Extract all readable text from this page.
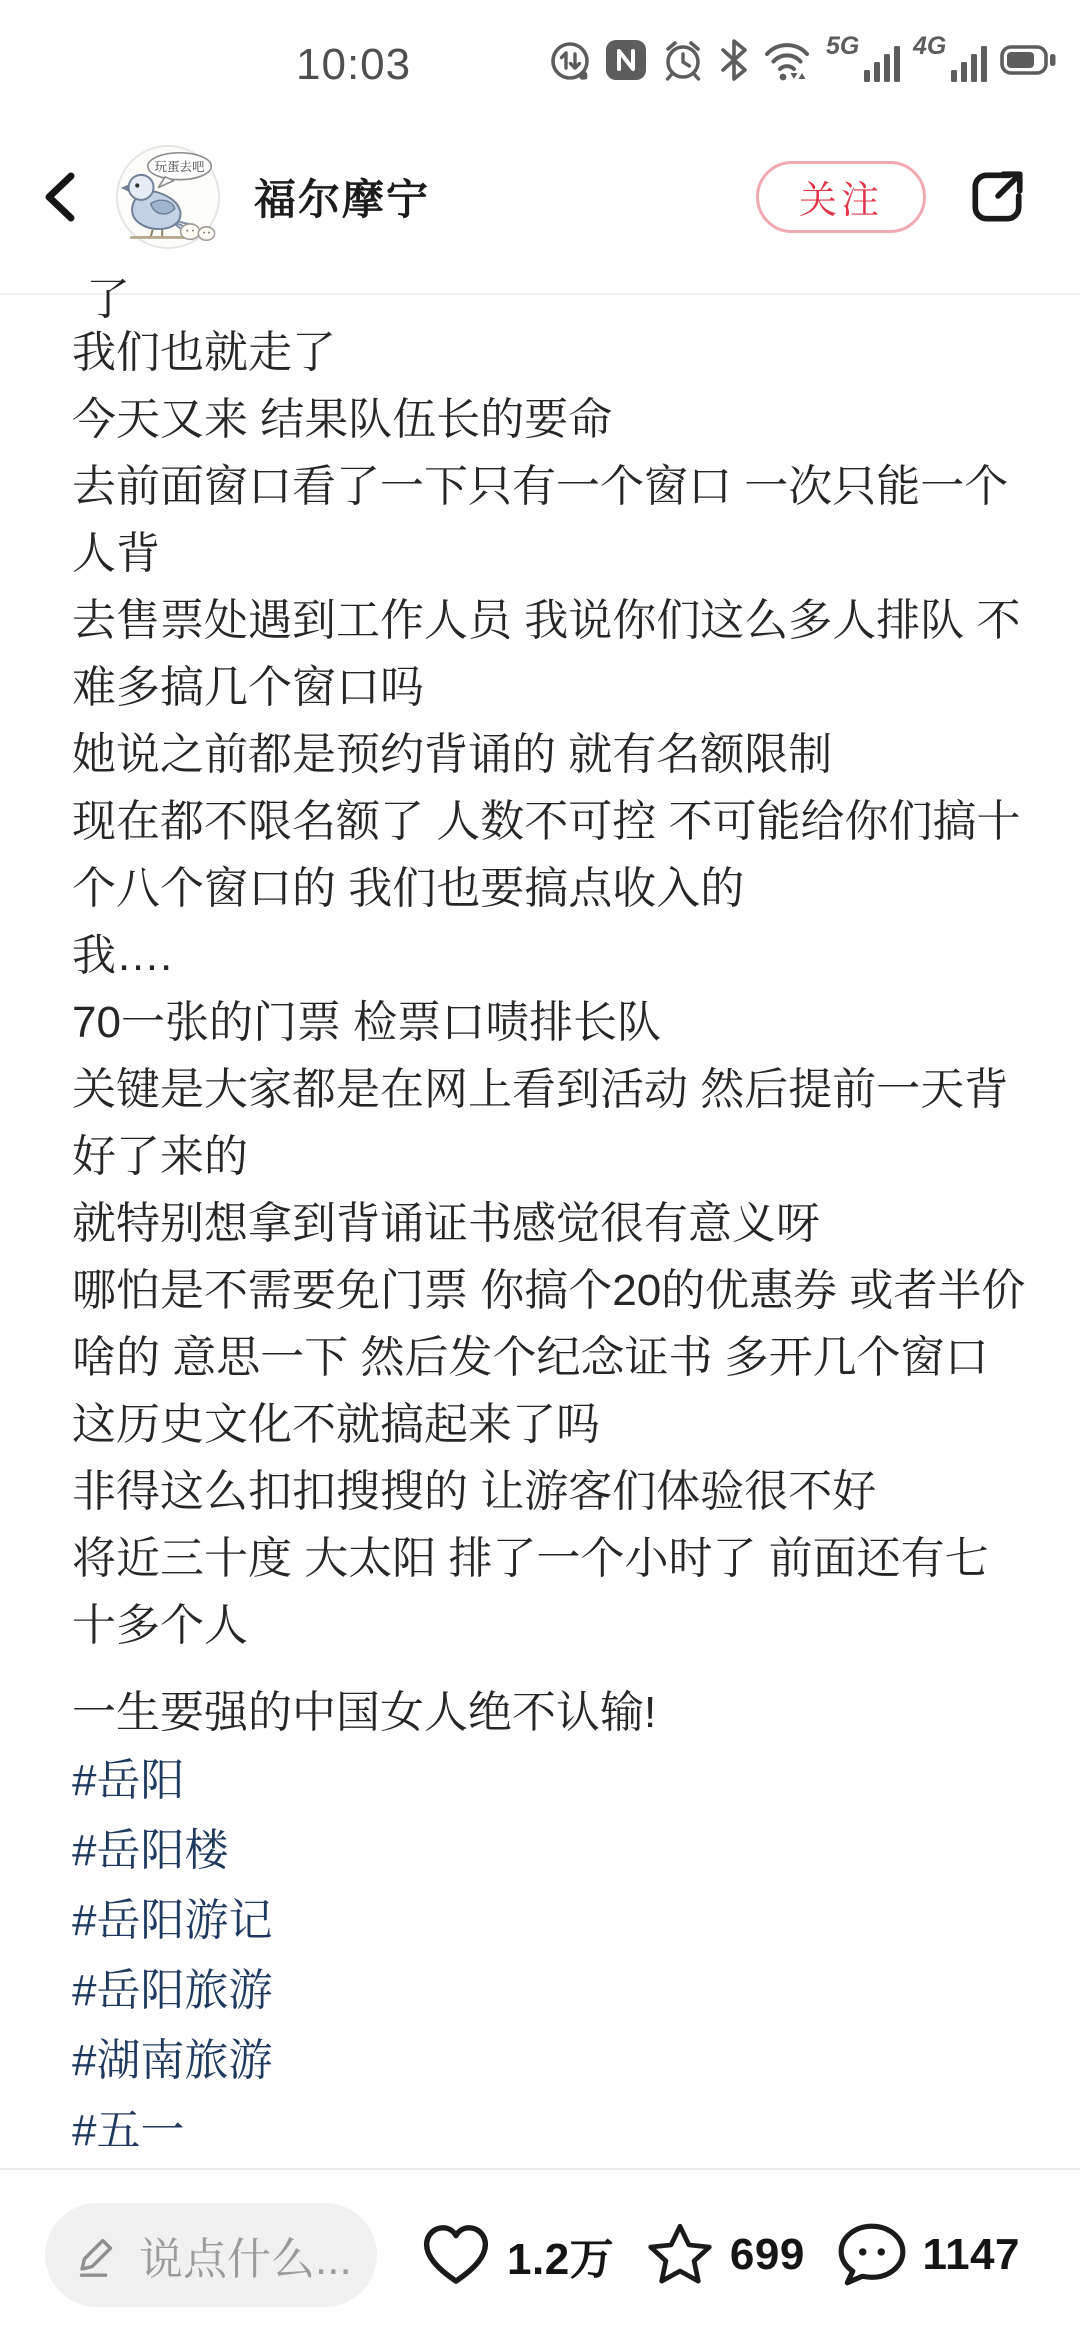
10:03	5G 4G
玩蛋去吧
福尔摩宁	关注
了
我们也就走了
今天又来 结果队伍长的要命
去前面窗口看了一下只有一个窗口 一次只能一个
人背
去售票处遇到工作人员 我说你们这么多人排队 不
难多搞几个窗口吗
她说之前都是预约背诵的 就有名额限制
现在都不限名额了 人数不可控 不可能给你们搞十
个八个窗口的 我们也要搞点收入的
我….
70一张的门票 检票口啧排长队
关键是大家都是在网上看到活动 然后提前一天背
好了来的
就特别想拿到背诵证书感觉很有意义呀
哪怕是不需要免门票 你搞个20的优惠券 或者半价
啥的 意思一下 然后发个纪念证书 多开几个窗口
这历史文化不就搞起来了吗
非得这么扣扣搜搜的 让游客们体验很不好
将近三十度 大太阳 排了一个小时了 前面还有七
十多个人
一生要强的中国女人绝不认输!
#岳阳
#岳阳楼
#岳阳游记
#岳阳旅游
#湖南旅游
#五一
说点什么...	1.2万	699	1147
